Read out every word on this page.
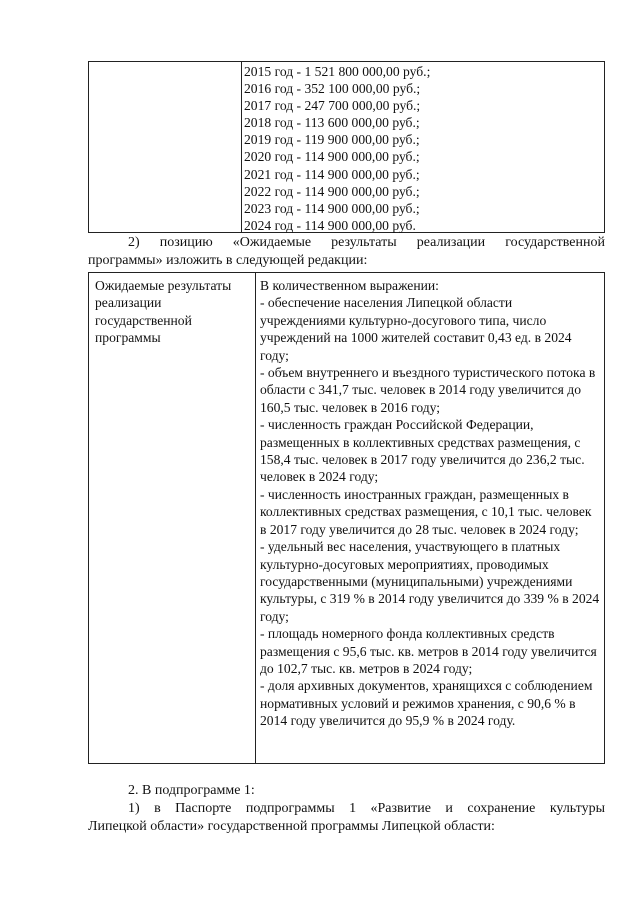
2015 год - 1 521 800 000,00 руб.;
2016 год - 352 100 000,00 руб.;
2017 год - 247 700 000,00 руб.;
2018 год - 113 600 000,00 руб.;
2019 год - 119 900 000,00 руб.;
2020 год - 114 900 000,00 руб.;
2021 год - 114 900 000,00 руб.;
2022 год - 114 900 000,00 руб.;
2023 год - 114 900 000,00 руб.;
2024 год - 114 900 000,00 руб.
2) позицию «Ожидаемые результаты реализации государственной
программы» изложить в следующей редакции:
Ожидаемые результаты
реализации
государственной
программы
В количественном выражении:
- обеспечение населения Липецкой области учреждениями культурно-досугового типа, число учреждений на 1000 жителей составит 0,43 ед. в 2024 году;
- объем внутреннего и въездного туристического потока в области с 341,7 тыс. человек в 2014 году увеличится до 160,5 тыс. человек в 2016 году;
- численность граждан Российской Федерации, размещенных в коллективных средствах размещения, с 158,4 тыс. человек в 2017 году увеличится до 236,2 тыс. человек в 2024 году;
- численность иностранных граждан, размещенных в коллективных средствах размещения, с 10,1 тыс. человек в 2017 году увеличится до 28 тыс. человек в 2024 году;
- удельный вес населения, участвующего в платных культурно-досуговых мероприятиях, проводимых государственными (муниципальными) учреждениями культуры, с 319 % в 2014 году увеличится до 339 % в 2024 году;
- площадь номерного фонда коллективных средств размещения с 95,6 тыс. кв. метров в 2014 году увеличится до 102,7 тыс. кв. метров в 2024 году;
- доля архивных документов, хранящихся с соблюдением нормативных условий и режимов хранения, с 90,6 % в 2014 году увеличится до 95,9 % в 2024 году.
2. В подпрограмме 1:
1) в Паспорте подпрограммы 1 «Развитие и сохранение культуры
Липецкой области» государственной программы Липецкой области:
